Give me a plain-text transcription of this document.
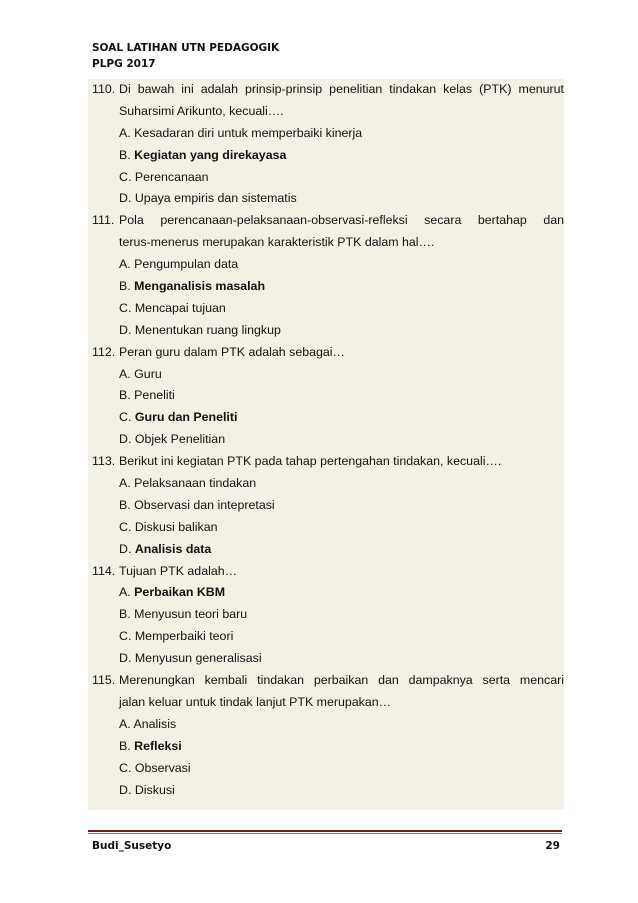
SOAL LATIHAN UTN PEDAGOGIK
PLPG 2017
110. Di bawah ini adalah prinsip-prinsip penelitian tindakan kelas (PTK) menurut
Suharsimi Arikunto, kecuali….
A. Kesadaran diri untuk memperbaiki kinerja
B. Kegiatan yang direkayasa
C. Perencanaan
D. Upaya empiris dan sistematis
111. Pola perencanaan-pelaksanaan-observasi-refleksi secara bertahap dan
terus-menerus merupakan karakteristik PTK dalam hal….
A. Pengumpulan data
B. Menganalisis masalah
C. Mencapai tujuan
D. Menentukan ruang lingkup
112. Peran guru dalam PTK adalah sebagai…
A. Guru
B. Peneliti
C. Guru dan Peneliti
D. Objek Penelitian
113. Berikut ini kegiatan PTK pada tahap pertengahan tindakan, kecuali….
A. Pelaksanaan tindakan
B. Observasi dan intepretasi
C. Diskusi balikan
D. Analisis data
114. Tujuan PTK adalah…
A. Perbaikan KBM
B. Menyusun teori baru
C. Memperbaiki teori
D. Menyusun generalisasi
115. Merenungkan kembali tindakan perbaikan dan dampaknya serta mencari
jalan keluar untuk tindak lanjut PTK merupakan…
A. Analisis
B. Refleksi
C. Observasi
D. Diskusi
Budi_Susetyo	29
